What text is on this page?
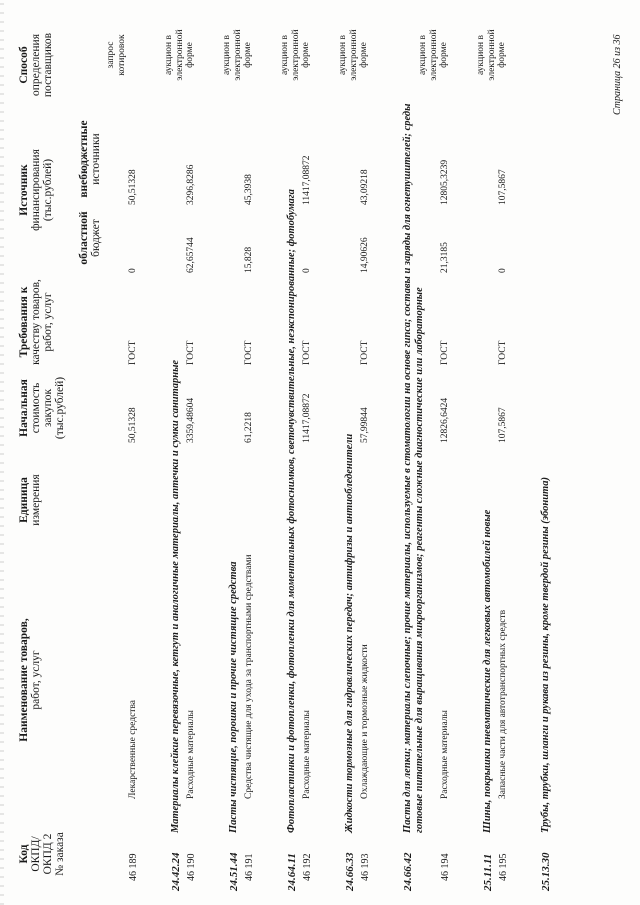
Код ОКПД/ ОКПД 2 № заказа
Наименование товаров, работ, услуг
Единица измерения
Начальная стоимость закупок (тыс.рублей)
Требования к качеству товаров, работ, услуг
Источник финансирования (тыс.рублей)
областной бюджет
внебюджетные источники
Способ определения поставщиков
46 189
Лекарственные средства
50,51328
ГОСТ
0
50,51328
запрос котировок
24.42.24
Материалы клейкие перевязочные, кетгут и аналогичные материалы, аптечки и сумки санитарные
46 190
Расходные материалы
3359,48604
ГОСТ
62,65744
3296,8286
аукцион в электронной форме
24.51.44
Пасты чистящие, порошки и прочие чистящие средства
46 191
Средства чистящие для ухода за транспортными средствами
61,2218
ГОСТ
15,828
45,3938
аукцион в электронной форме
24.64.11
Фотопластинки и фотопленки, фотопленки для моментальных фотоснимков, светочувствительные, неэкспонированные; фотобумага
46 192
Расходные материалы
11417,08872
ГОСТ
0
11417,08872
аукцион в электронной форме
24.66.33
Жидкости тормозные для гидравлических передач; антифризы и антиобледенители
46 193
Охлаждающие и тормозные жидкости
57,99844
ГОСТ
14,90626
43,09218
аукцион в электронной форме
24.66.42
Пасты для лепки; материалы слепочные; прочие материалы, используемые в стоматологии на основе гипса; составы и заряды для огнетушителей; среды готовые питательные для выращивания микроорганизмов; реагенты сложные диагностические или лабораторные
46 194
Расходные материалы
12826,6424
ГОСТ
21,3185
12805,3239
аукцион в электронной форме
25.11.11
Шины, покрышки пневматические для легковых автомобилей новые
46 195
Запасные части для автотранспортных средств
107,5867
ГОСТ
0
107,5867
аукцион в электронной форме
25.13.30
Трубы, трубки, шланги и рукава из резины, кроме твердой резины (эбонита)
Страница 26 из 36
